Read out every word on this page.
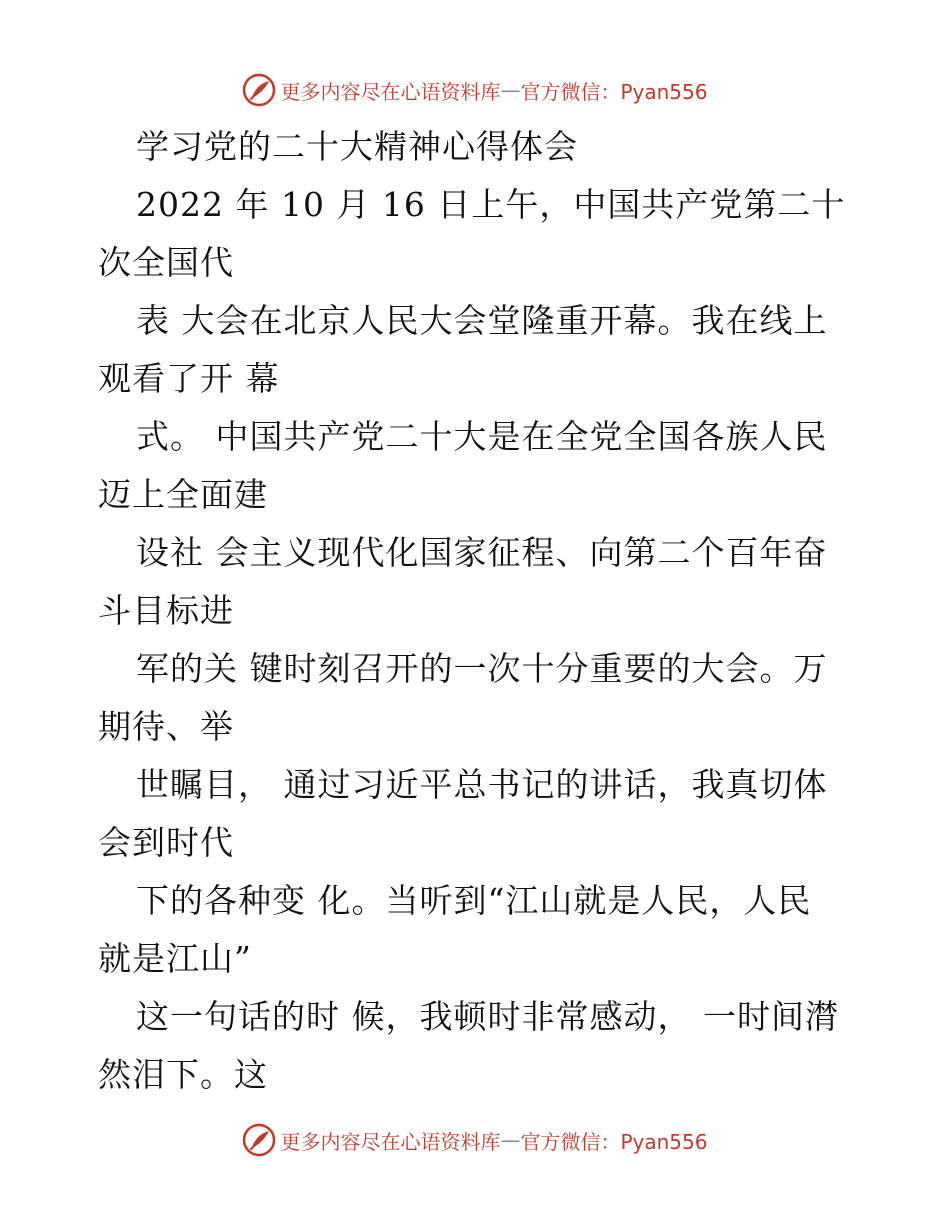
更多内容尽在心语资料库 — 官方微信：Pyan556
学习党的二十大精神心得体会
2022 年 10 月 16 日上午，中国共产党第二十
次全国代
表 大会在北京人民大会堂隆重开幕。我在线上
观看了开 幕
式。 中国共产党二十大是在全党全国各族人民
迈上全面建
设社 会主义现代化国家征程、向第二个百年奋
斗目标进
军的关 键时刻召开的一次十分重要的大会。万
期待、举
世瞩目， 通过习近平总书记的讲话，我真切体
会到时代
下的各种变 化。当听到“江山就是人民，人民
就是江山”
这一句话的时 候，我顿时非常感动， 一时间潸
然泪下。这
更多内容尽在心语资料库 — 官方微信：Pyan556
